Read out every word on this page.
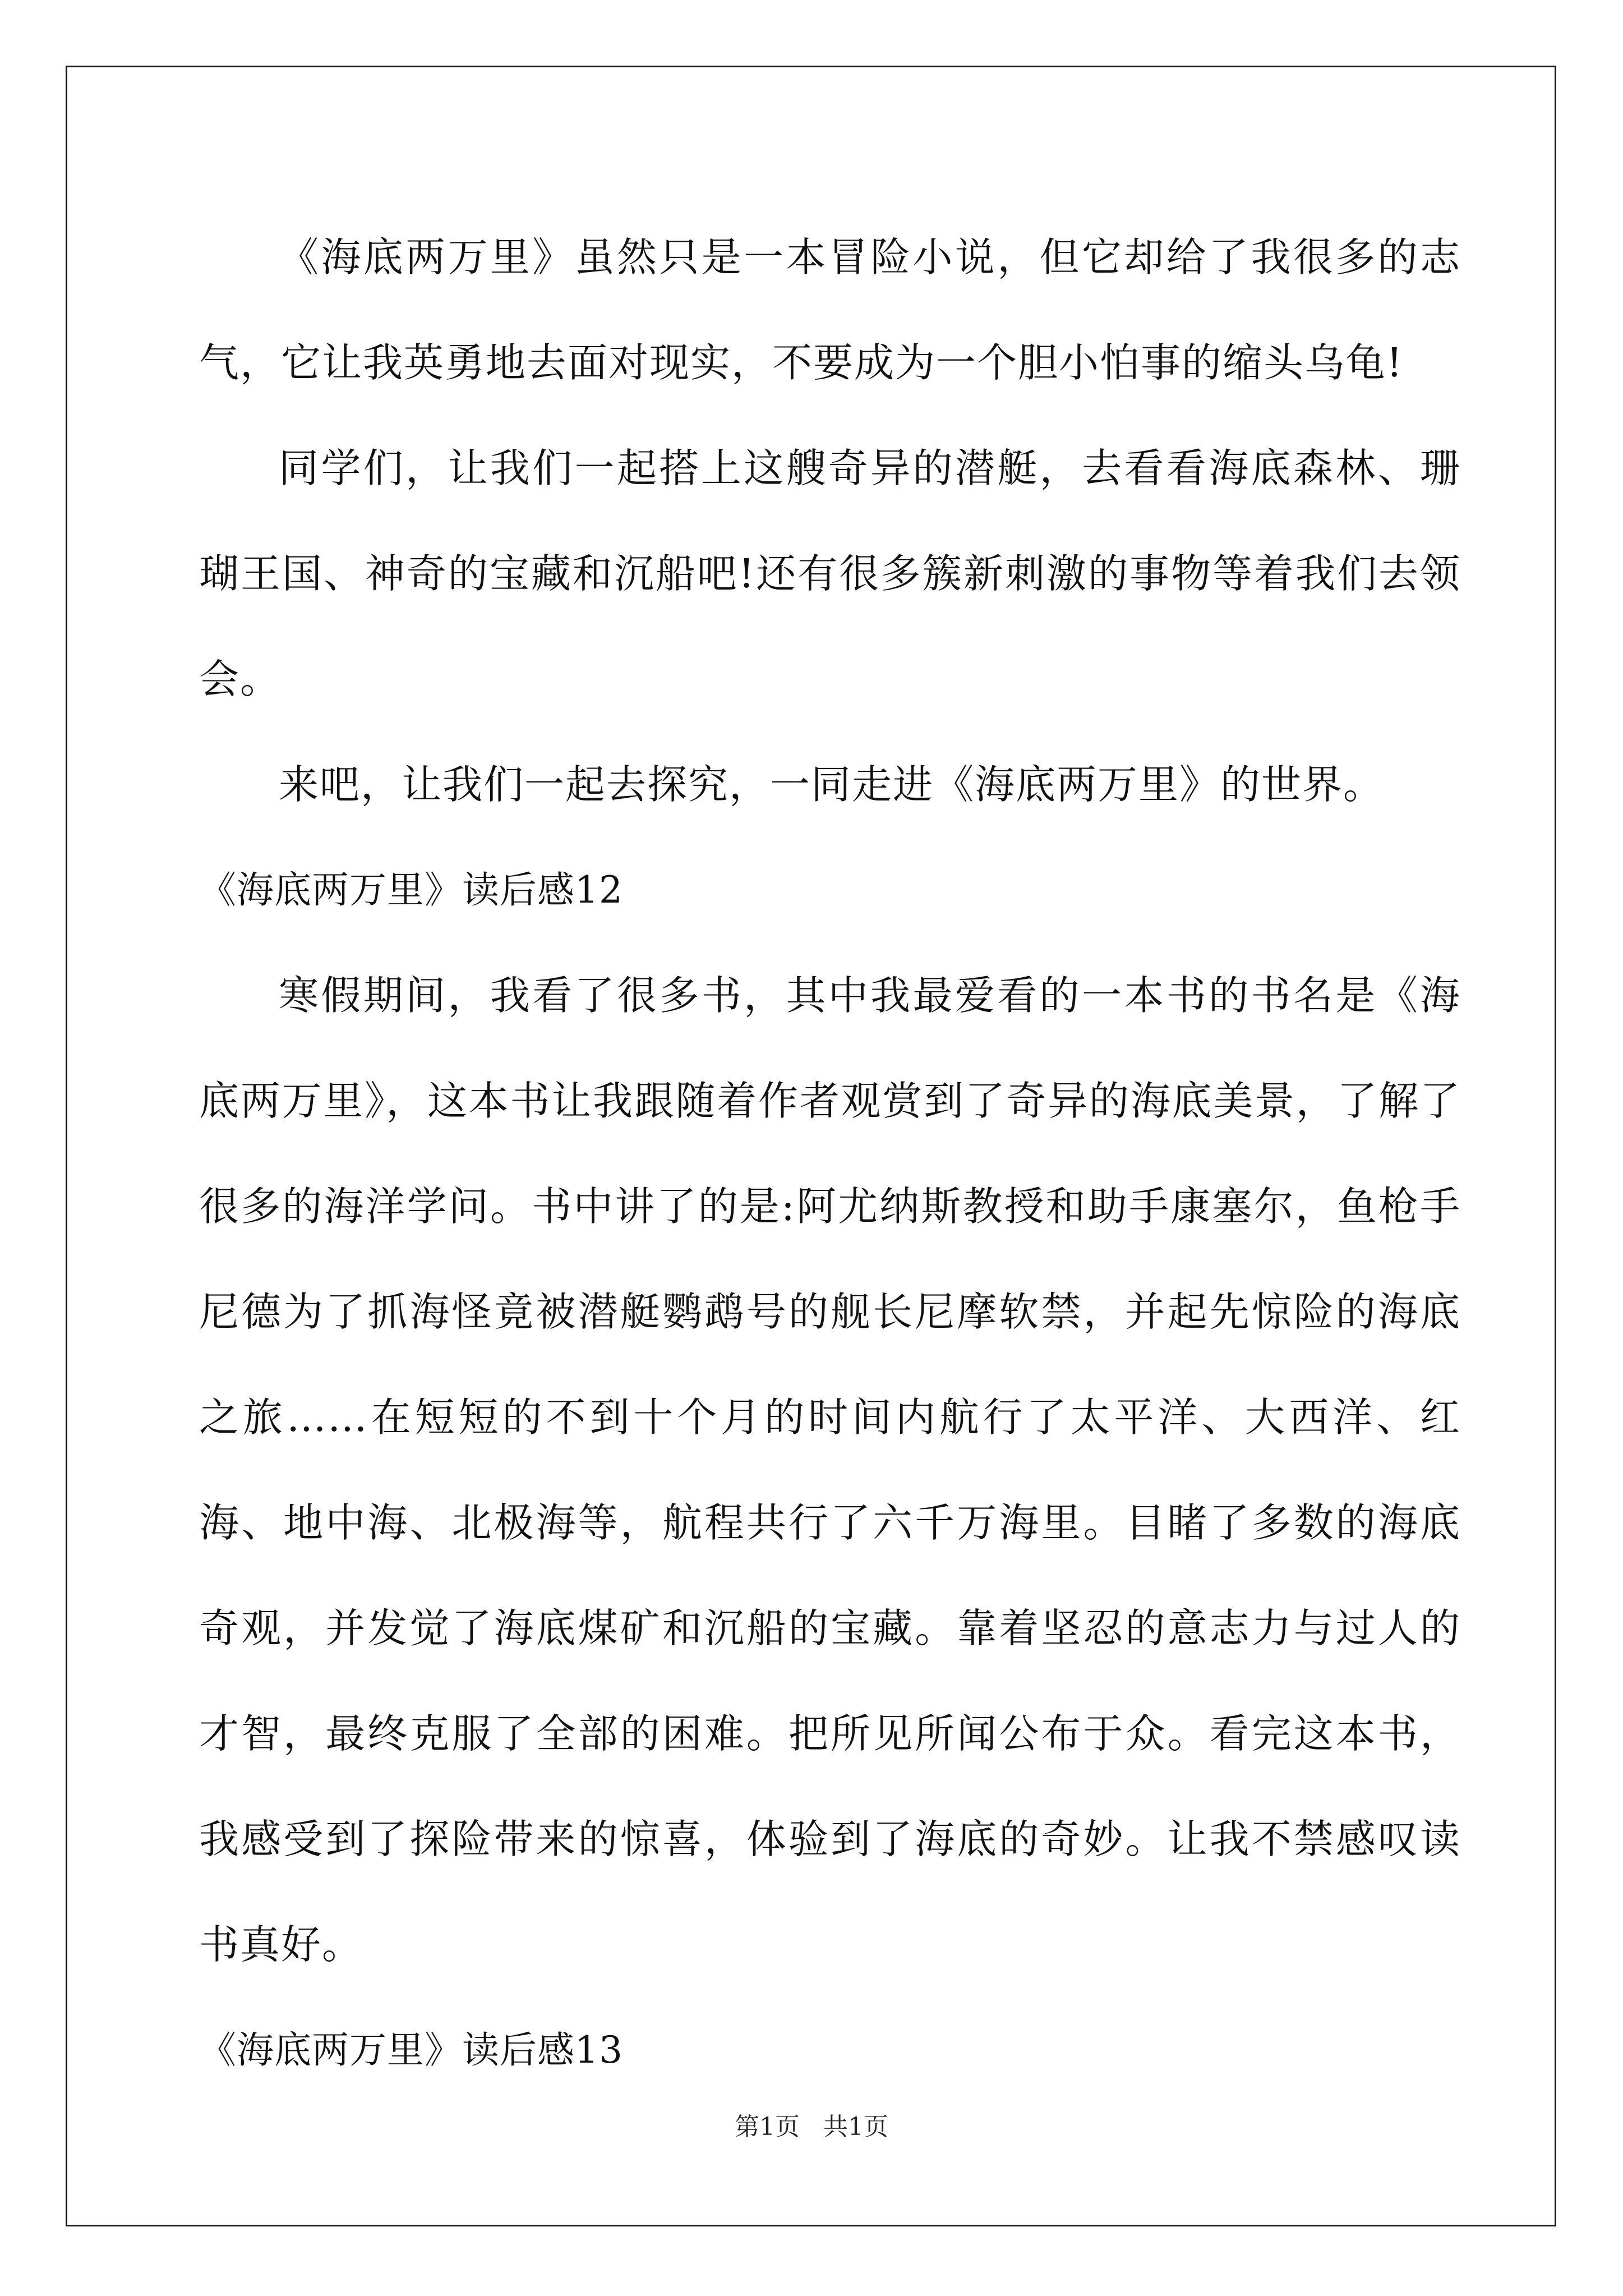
《海底两万里》虽然只是一本冒险小说，但它却给了我很多的志气，它让我英勇地去面对现实，不要成为一个胆小怕事的缩头乌龟!

同学们，让我们一起搭上这艘奇异的潜艇，去看看海底森林、珊瑚王国、神奇的宝藏和沉船吧!还有很多簇新刺激的事物等着我们去领会。

来吧，让我们一起去探究，一同走进《海底两万里》的世界。

《海底两万里》读后感12

寒假期间，我看了很多书，其中我最爱看的一本书的书名是《海底两万里》，这本书让我跟随着作者观赏到了奇异的海底美景，了解了很多的海洋学问。书中讲了的是:阿尤纳斯教授和助手康塞尔，鱼枪手尼德为了抓海怪竟被潜艇鹦鹉号的舰长尼摩软禁，并起先惊险的海底之旅……在短短的不到十个月的时间内航行了太平洋、大西洋、红海、地中海、北极海等，航程共行了六千万海里。目睹了多数的海底奇观，并发觉了海底煤矿和沉船的宝藏。靠着坚忍的意志力与过人的才智，最终克服了全部的困难。把所见所闻公布于众。看完这本书，我感受到了探险带来的惊喜，体验到了海底的奇妙。让我不禁感叹读书真好。

《海底两万里》读后感13

第1页   共1页
